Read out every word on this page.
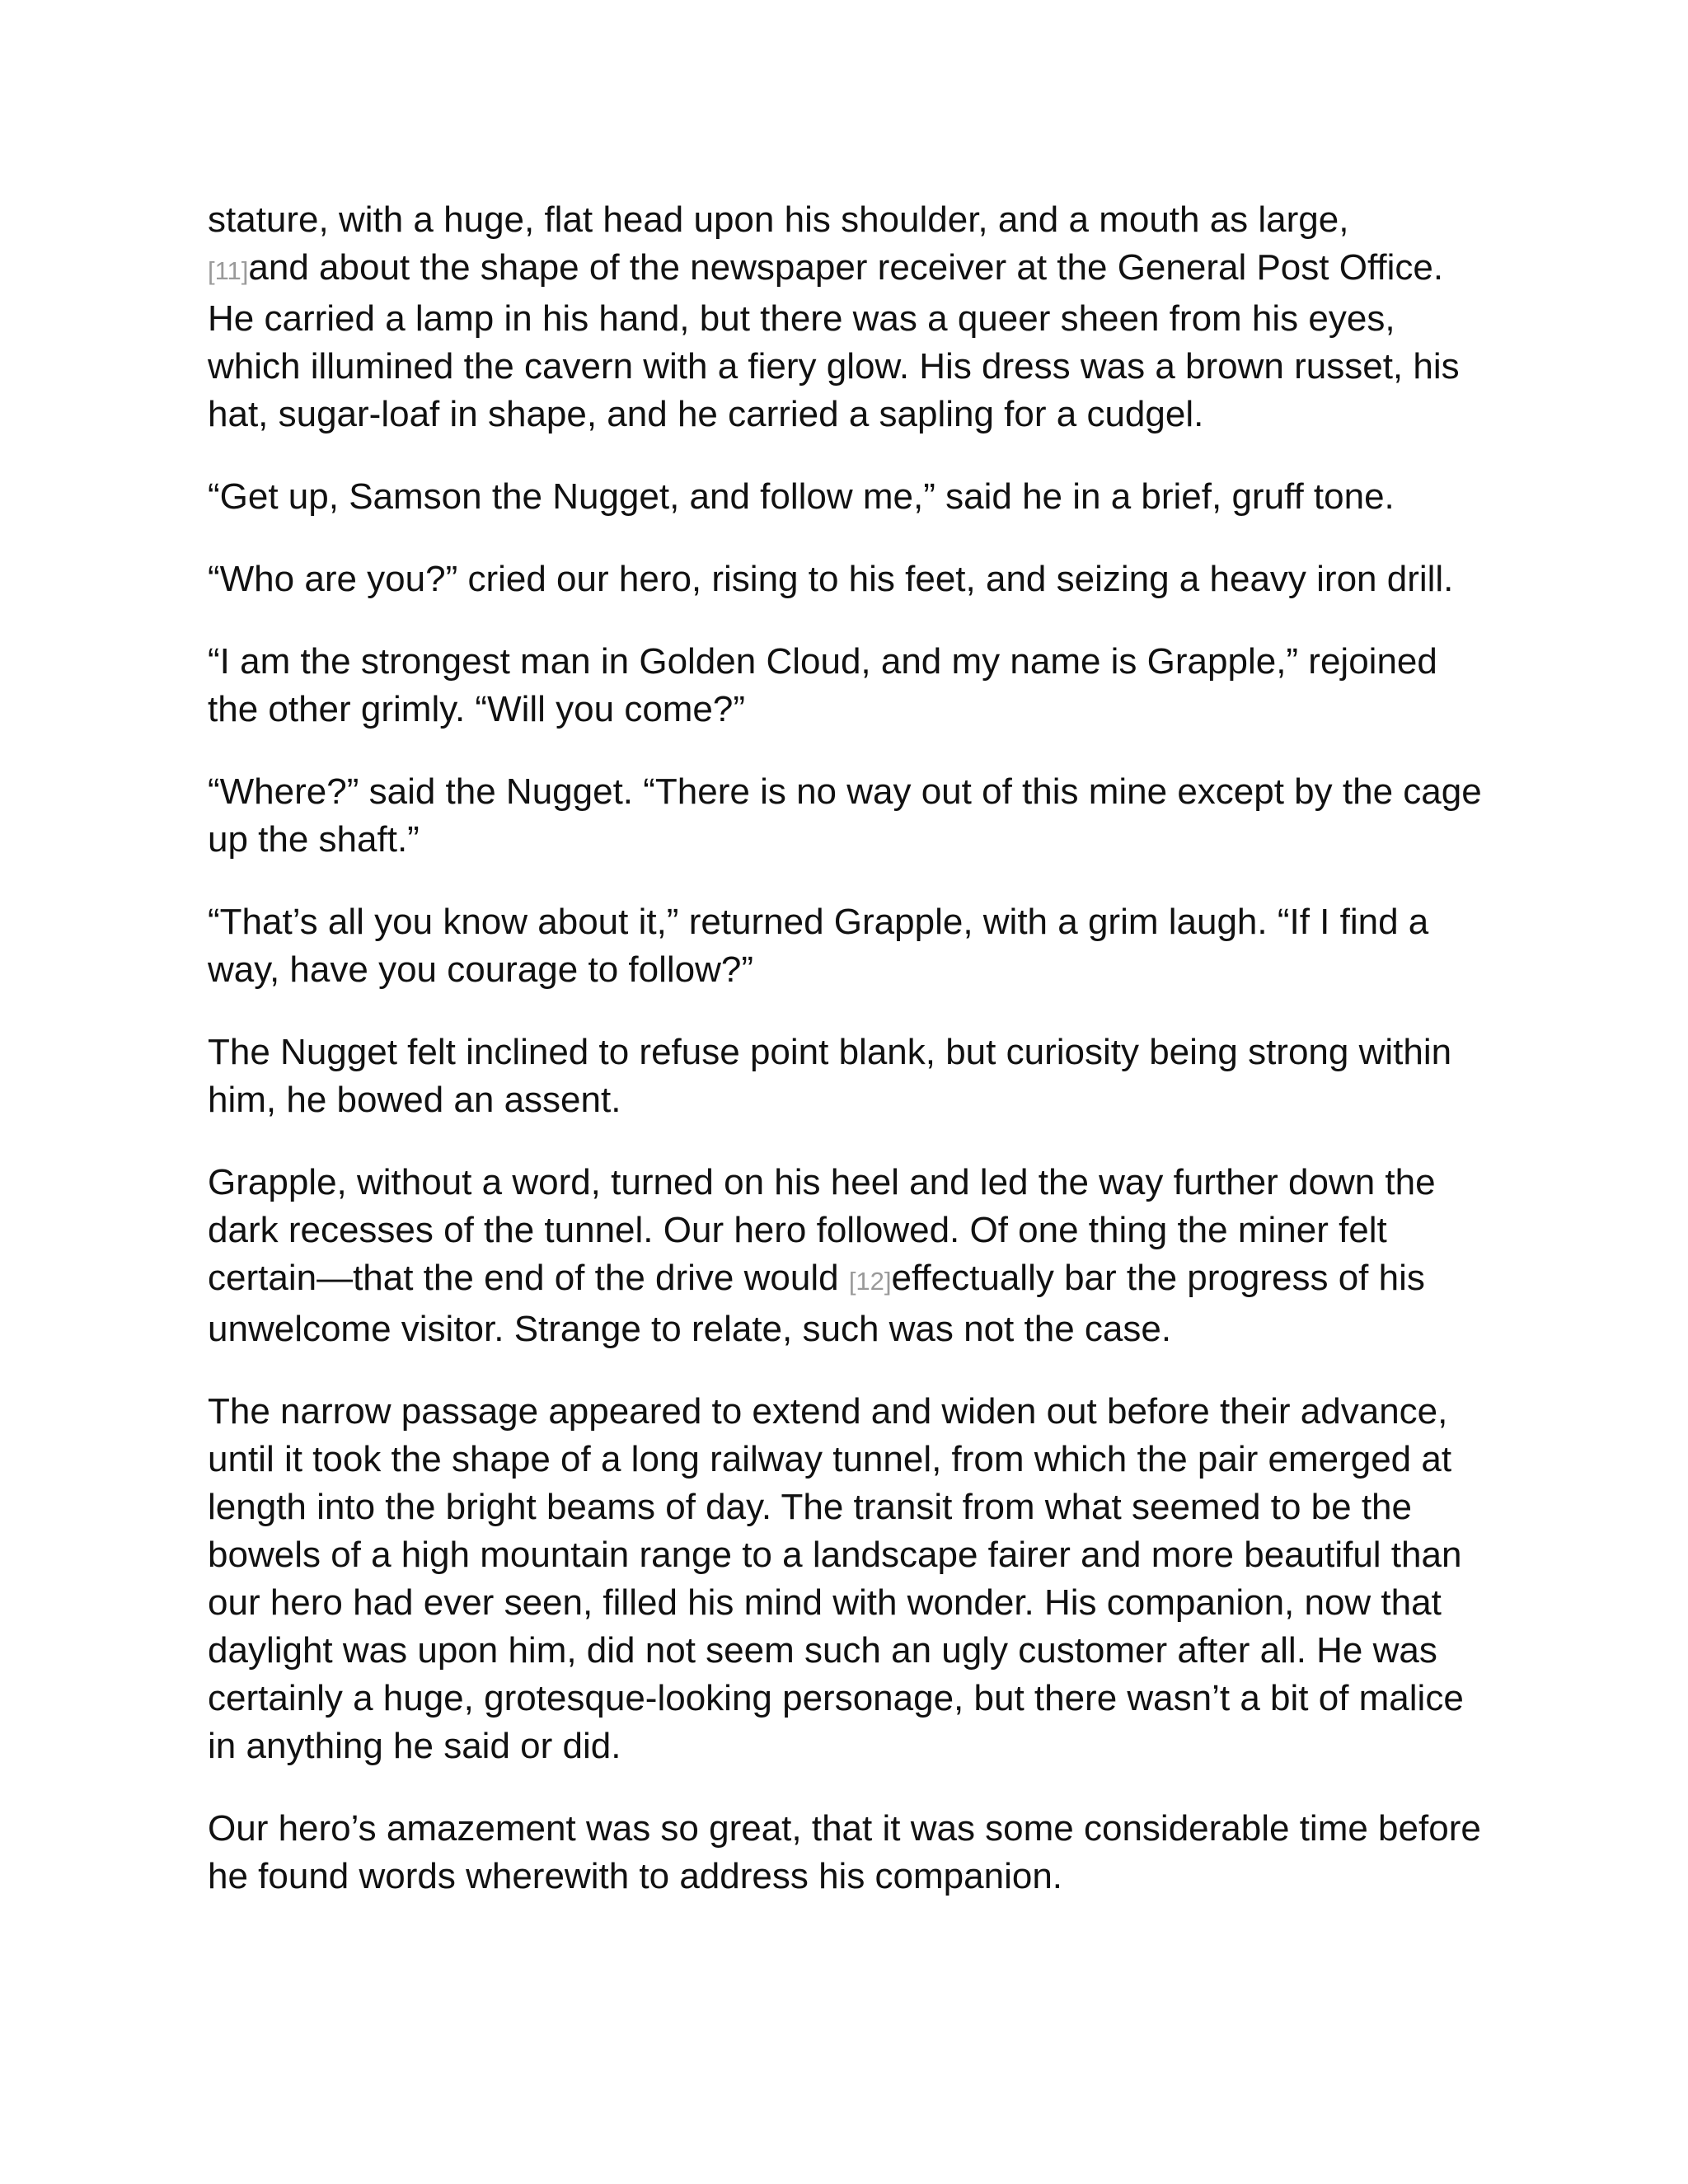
stature, with a huge, flat head upon his shoulder, and a mouth as large,
[11]and about the shape of the newspaper receiver at the General Post Office. He carried a lamp in his hand, but there was a queer sheen from his eyes, which illumined the cavern with a fiery glow. His dress was a brown russet, his hat, sugar-loaf in shape, and he carried a sapling for a cudgel.

“Get up, Samson the Nugget, and follow me,” said he in a brief, gruff tone.

“Who are you?” cried our hero, rising to his feet, and seizing a heavy iron drill.

“I am the strongest man in Golden Cloud, and my name is Grapple,” rejoined the other grimly. “Will you come?”

“Where?” said the Nugget. “There is no way out of this mine except by the cage up the shaft.”

“That’s all you know about it,” returned Grapple, with a grim laugh. “If I find a way, have you courage to follow?”

The Nugget felt inclined to refuse point blank, but curiosity being strong within him, he bowed an assent.

Grapple, without a word, turned on his heel and led the way further down the dark recesses of the tunnel. Our hero followed. Of one thing the miner felt certain—that the end of the drive would [12]effectually bar the progress of his unwelcome visitor. Strange to relate, such was not the case.

The narrow passage appeared to extend and widen out before their advance, until it took the shape of a long railway tunnel, from which the pair emerged at length into the bright beams of day. The transit from what seemed to be the bowels of a high mountain range to a landscape fairer and more beautiful than our hero had ever seen, filled his mind with wonder. His companion, now that daylight was upon him, did not seem such an ugly customer after all. He was certainly a huge, grotesque-looking personage, but there wasn’t a bit of malice in anything he said or did.

Our hero’s amazement was so great, that it was some considerable time before he found words wherewith to address his companion.
